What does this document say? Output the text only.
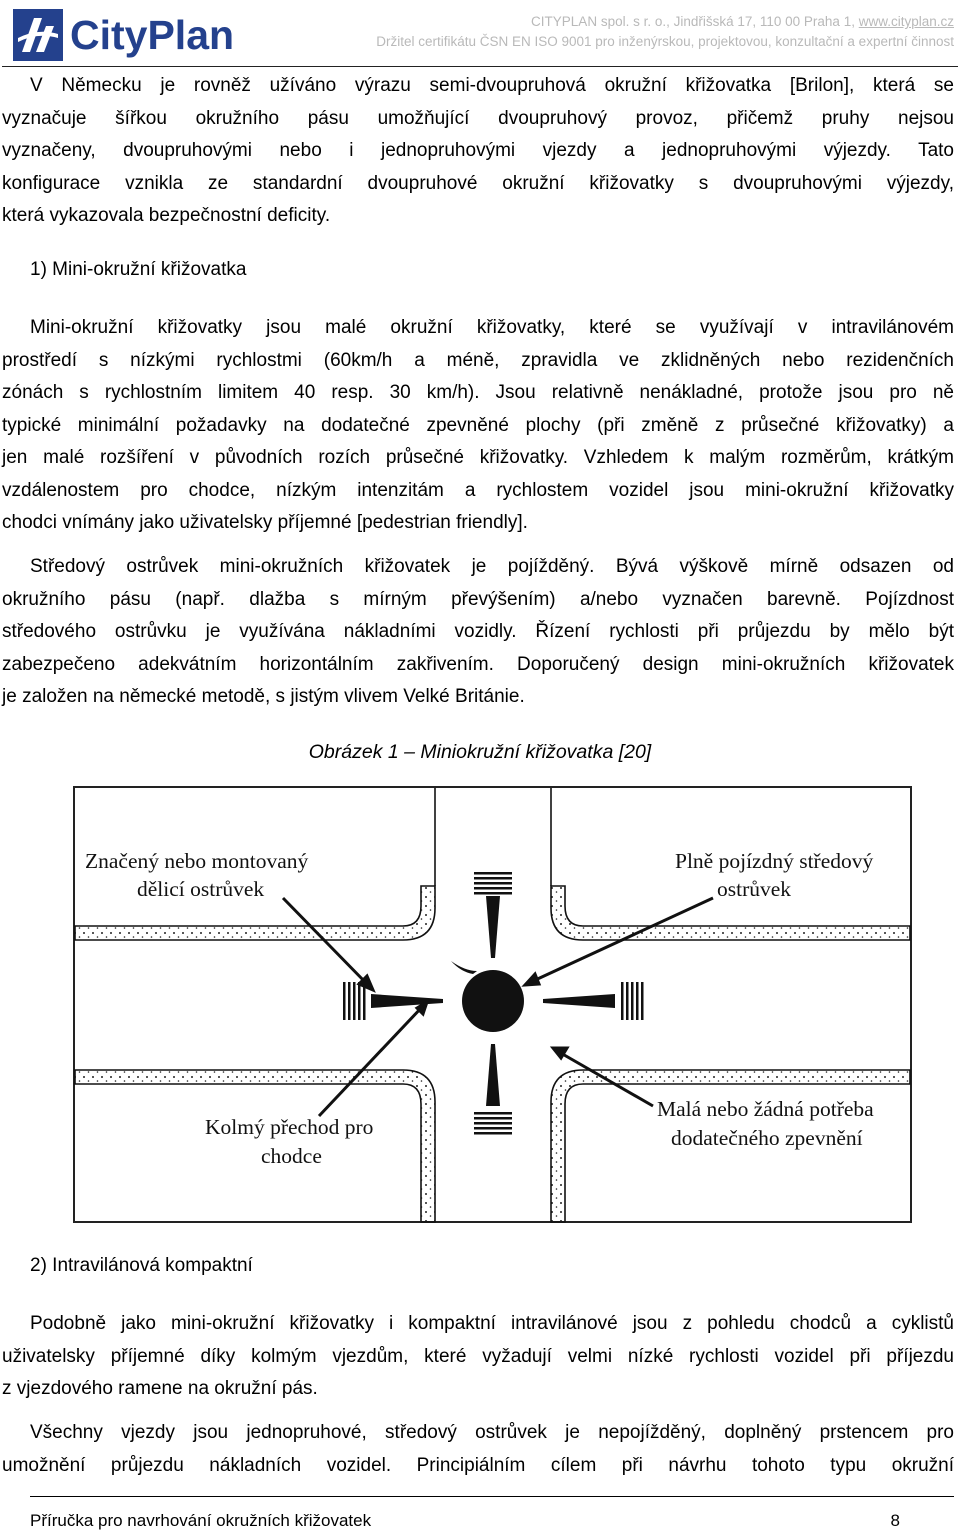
CityPlan	CITYPLAN spol. s r. o., Jindřišská 17, 110 00 Praha 1, www.cityplan.cz
Držitel certifikátu ČSN EN ISO 9001 pro inženýrskou, projektovou, konzultační a expertní činnost
V Německu je rovněž užíváno výrazu semi-dvoupruhová okružní křižovatka [Brilon], která se
vyznačuje šířkou okružního pásu umožňující dvoupruhový provoz, přičemž pruhy nejsou
vyznačeny, dvoupruhovými nebo i jednopruhovými vjezdy a jednopruhovými výjezdy. Tato
konfigurace vznikla ze standardní dvoupruhové okružní křižovatky s dvoupruhovými výjezdy,
která vykazovala bezpečnostní deficity.
1) Mini-okružní křižovatka
Mini-okružní křižovatky jsou malé okružní křižovatky, které se využívají v intravilánovém
prostředí s nízkými rychlostmi (60km/h a méně, zpravidla ve zklidněných nebo rezidenčních
zónách s rychlostním limitem 40 resp. 30 km/h). Jsou relativně nenákladné, protože jsou pro ně
typické minimální požadavky na dodatečné zpevněné plochy (při změně z průsečné křižovatky) a
jen malé rozšíření v původních rozích průsečné křižovatky. Vzhledem k malým rozměrům, krátkým
vzdálenostem pro chodce, nízkým intenzitám a rychlostem vozidel jsou mini-okružní křižovatky
chodci vnímány jako uživatelsky příjemné [pedestrian friendly].
Středový ostrůvek mini-okružních křižovatek je pojížděný. Bývá výškově mírně odsazen od
okružního pásu (např. dlažba s mírným převýšením) a/nebo vyznačen barevně. Pojízdnost
středového ostrůvku je využívána nákladními vozidly. Řízení rychlosti při průjezdu by mělo být
zabezpečeno adekvátním horizontálním zakřivením. Doporučený design mini-okružních křižovatek
je založen na německé metodě, s jistým vlivem Velké Británie.
Obrázek 1 – Miniokružní křižovatka [20]
Značený nebo montovaný
dělicí ostrůvek
Plně pojízdný středový
ostrůvek
Kolmý přechod pro
chodce
Malá nebo žádná potřeba
dodatečného zpevnění
2) Intravilánová kompaktní
Podobně jako mini-okružní křižovatky i kompaktní intravilánové jsou z pohledu chodců a cyklistů
uživatelsky příjemné díky kolmým vjezdům, které vyžadují velmi nízké rychlosti vozidel při příjezdu
z vjezdového ramene na okružní pás.
Všechny vjezdy jsou jednopruhové, středový ostrůvek je nepojížděný, doplněný prstencem pro
umožnění průjezdu nákladních vozidel. Principiálním cílem při návrhu tohoto typu okružní
Příručka pro navrhování okružních křižovatek	8
